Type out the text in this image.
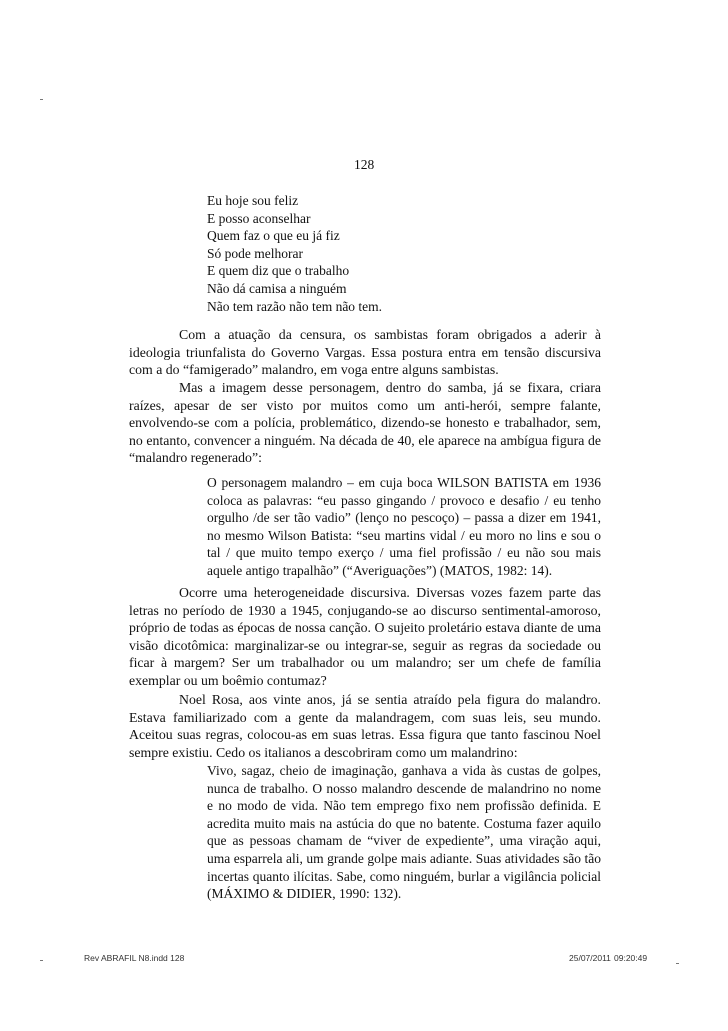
128
Eu hoje sou feliz
E posso aconselhar
Quem faz o que eu já fiz
Só pode melhorar
E quem diz que o trabalho
Não dá camisa a ninguém
Não tem razão não tem não tem.

Com a atuação da censura, os sambistas foram obrigados a aderir à ideologia triunfalista do Governo Vargas. Essa postura entra em tensão discursiva com a do “famigerado” malandro, em voga entre alguns sambistas.

Mas a imagem desse personagem, dentro do samba, já se fixara, criara raízes, apesar de ser visto por muitos como um anti-herói, sempre falante, envolvendo-se com a polícia, problemático, dizendo-se honesto e trabalhador, sem, no entanto, convencer a ninguém. Na década de 40, ele aparece na ambígua figura de “malandro regenerado”:

O personagem malandro – em cuja boca WILSON BATISTA em 1936 coloca as palavras: “eu passo gingando / provoco e desafio / eu tenho orgulho /de ser tão vadio” (lenço no pescoço) – passa a dizer em 1941, no mesmo Wilson Batista: “seu martins vidal / eu moro no lins e sou o tal / que muito tempo exerço / uma fiel profissão / eu não sou mais aquele antigo trapalhão” (“Averiguações”) (MATOS, 1982: 14).

Ocorre uma heterogeneidade discursiva. Diversas vozes fazem parte das letras no período de 1930 a 1945, conjugando-se ao discurso sentimental-amoroso, próprio de todas as épocas de nossa canção. O sujeito proletário estava diante de uma visão dicotômica: marginalizar-se ou integrar-se, seguir as regras da sociedade ou ficar à margem? Ser um trabalhador ou um malandro; ser um chefe de família exemplar ou um boêmio contumaz?

Noel Rosa, aos vinte anos, já se sentia atraído pela figura do malandro. Estava familiarizado com a gente da malandragem, com suas leis, seu mundo. Aceitou suas regras, colocou-as em suas letras. Essa figura que tanto fascinou Noel sempre existiu. Cedo os italianos a descobriram como um malandrino:

Vivo, sagaz, cheio de imaginação, ganhava a vida às custas de golpes, nunca de trabalho. O nosso malandro descende de malandrino no nome e no modo de vida. Não tem emprego fixo nem profissão definida. E acredita muito mais na astúcia do que no batente. Costuma fazer aquilo que as pessoas chamam de “viver de expediente”, uma viração aqui, uma esparrela ali, um grande golpe mais adiante. Suas atividades são tão incertas quanto ilícitas. Sabe, como ninguém, burlar a vigilância policial (MÁXIMO & DIDIER, 1990: 132).

Rev ABRAFIL N8.indd 128	25/07/2011 09:20:49
